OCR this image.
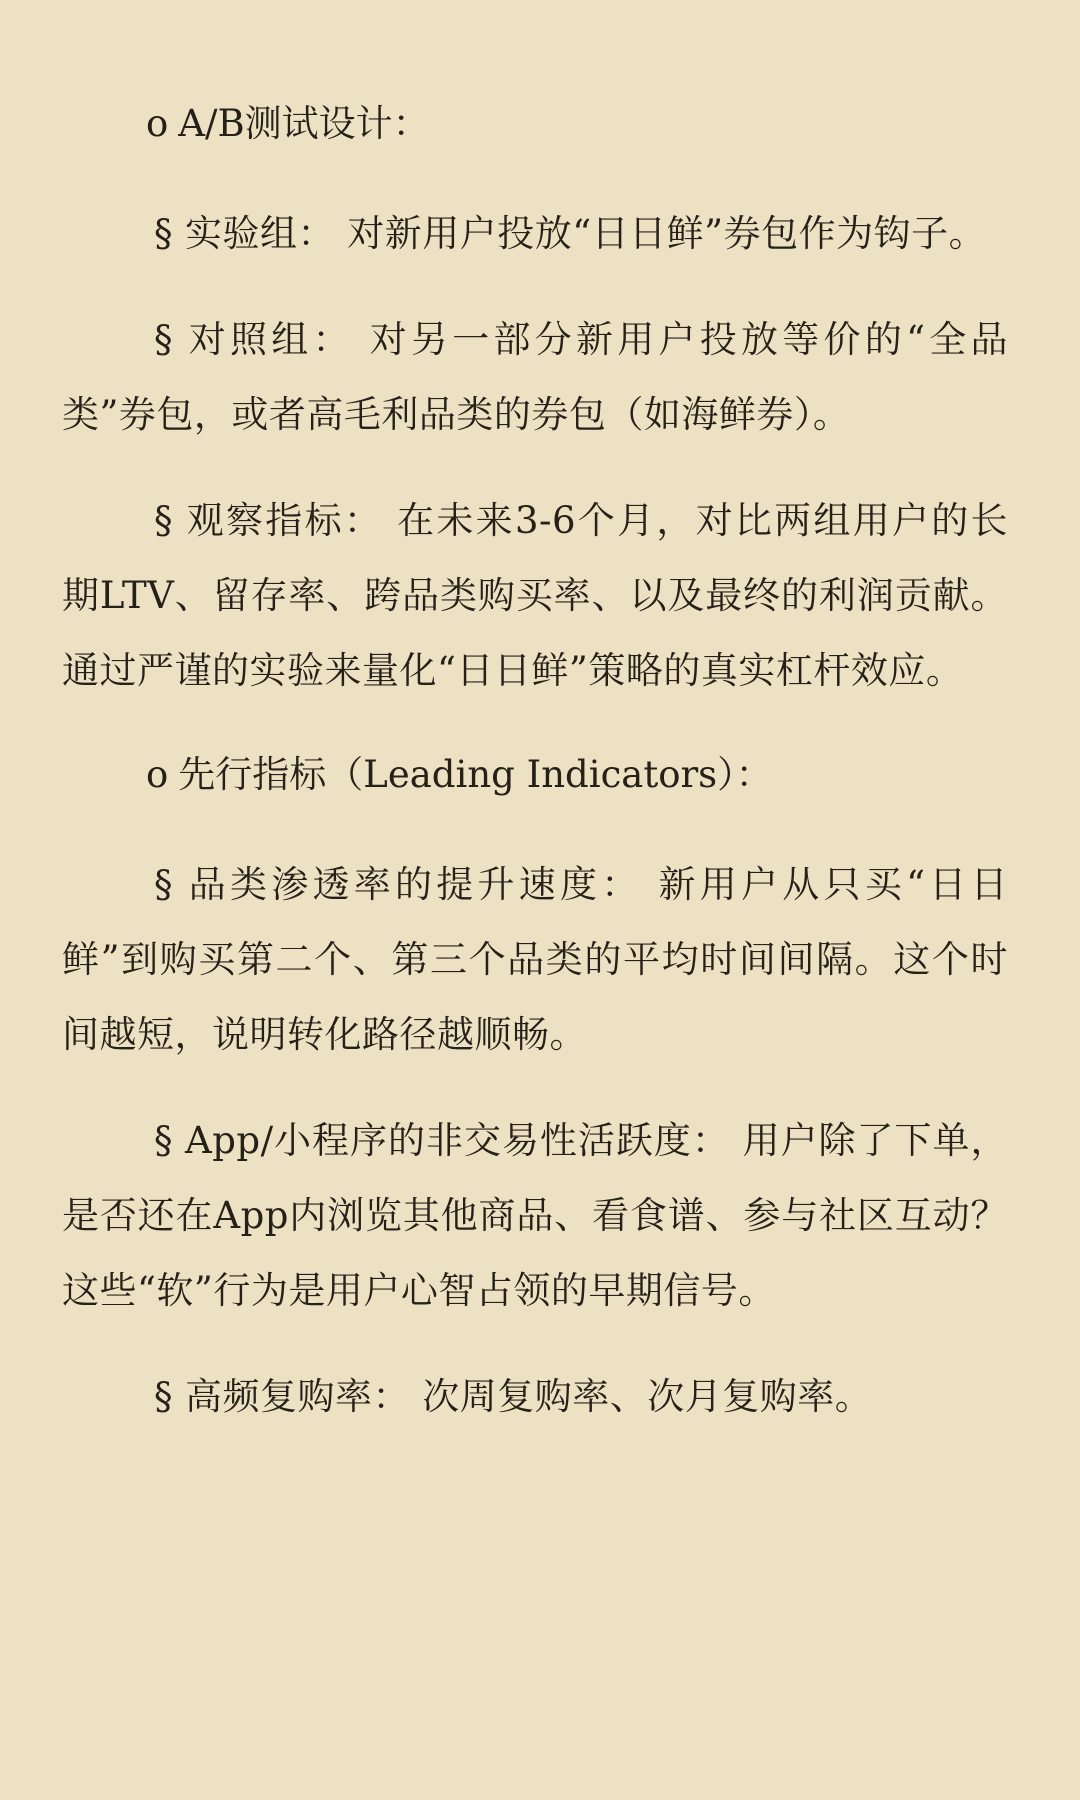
o A/B测试设计：

§ 实验组： 对新用户投放“日日鲜”券包作为钩子。

§ 对照组： 对另一部分新用户投放等价的“全品类”券包，或者高毛利品类的券包（如海鲜券）。

§ 观察指标： 在未来3-6个月，对比两组用户的长期LTV、留存率、跨品类购买率、以及最终的利润贡献。通过严谨的实验来量化“日日鲜”策略的真实杠杆效应。

o 先行指标（Leading Indicators）：

§ 品类渗透率的提升速度： 新用户从只买“日日鲜”到购买第二个、第三个品类的平均时间间隔。这个时间越短，说明转化路径越顺畅。

§ App/小程序的非交易性活跃度： 用户除了下单，是否还在App内浏览其他商品、看食谱、参与社区互动？这些“软”行为是用户心智占领的早期信号。

§ 高频复购率： 次周复购率、次月复购率。
